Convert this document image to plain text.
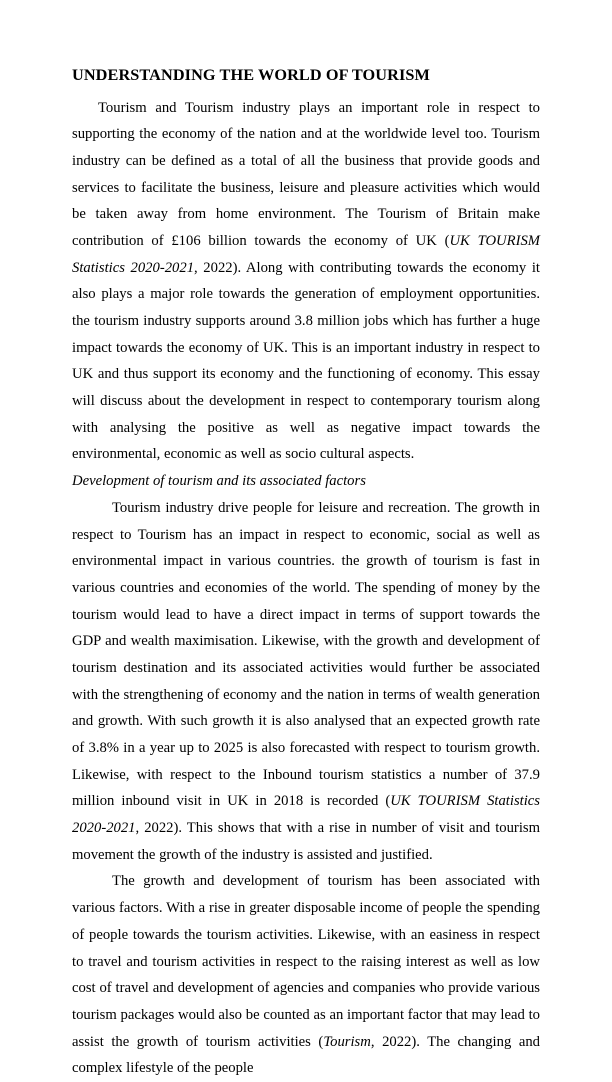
UNDERSTANDING THE WORLD OF TOURISM

Tourism and Tourism industry plays an important role in respect to supporting the economy of the nation and at the worldwide level too. Tourism industry can be defined as a total of all the business that provide goods and services to facilitate the business, leisure and pleasure activities which would be taken away from home environment. The Tourism of Britain make contribution of £106 billion towards the economy of UK (UK TOURISM Statistics 2020-2021, 2022). Along with contributing towards the economy it also plays a major role towards the generation of employment opportunities. the tourism industry supports around 3.8 million jobs which has further a huge impact towards the economy of UK. This is an important industry in respect to UK and thus support its economy and the functioning of economy. This essay will discuss about the development in respect to contemporary tourism along with analysing the positive as well as negative impact towards the environmental, economic as well as socio cultural aspects.

Development of tourism and its associated factors

Tourism industry drive people for leisure and recreation. The growth in respect to Tourism has an impact in respect to economic, social as well as environmental impact in various countries. the growth of tourism is fast in various countries and economies of the world. The spending of money by the tourism would lead to have a direct impact in terms of support towards the GDP and wealth maximisation. Likewise, with the growth and development of tourism destination and its associated activities would further be associated with the strengthening of economy and the nation in terms of wealth generation and growth. With such growth it is also analysed that an expected growth rate of 3.8% in a year up to 2025 is also forecasted with respect to tourism growth. Likewise, with respect to the Inbound tourism statistics a number of 37.9 million inbound visit in UK in 2018 is recorded (UK TOURISM Statistics 2020-2021, 2022). This shows that with a rise in number of visit and tourism movement the growth of the industry is assisted and justified.

The growth and development of tourism has been associated with various factors. With a rise in greater disposable income of people the spending of people towards the tourism activities. Likewise, with an easiness in respect to travel and tourism activities in respect to the raising interest as well as low cost of travel and development of agencies and companies who provide various tourism packages would also be counted as an important factor that may lead to assist the growth of tourism activities (Tourism, 2022). The changing and complex lifestyle of the people
